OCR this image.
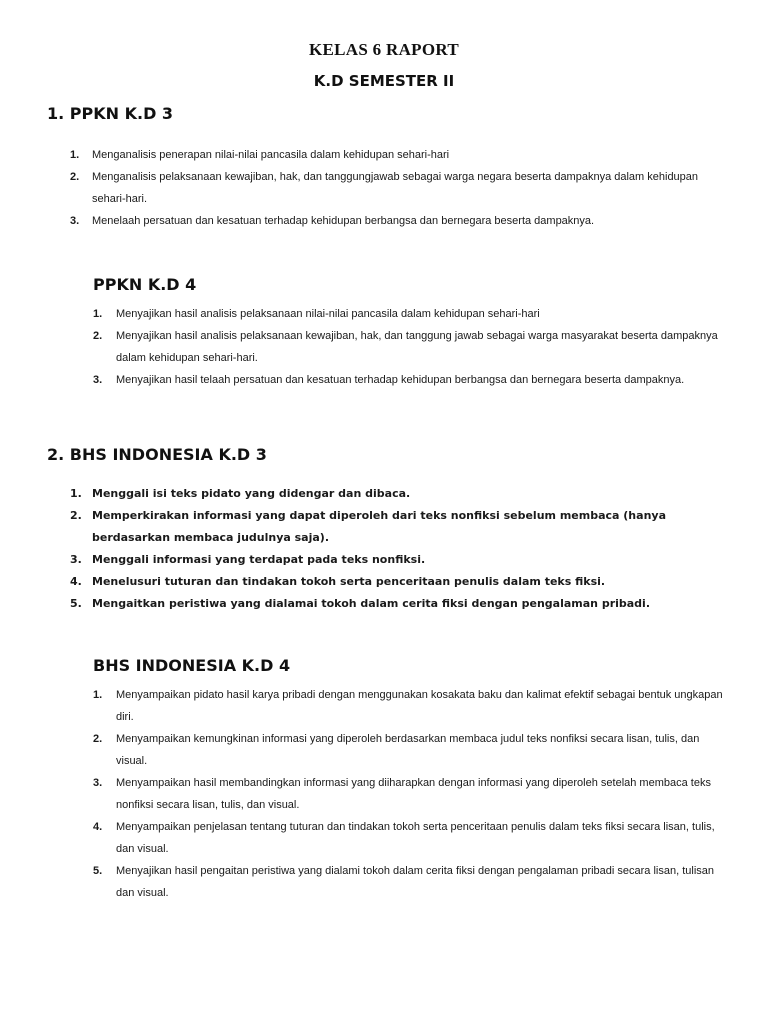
KELAS 6 RAPORT
K.D SEMESTER II
1. PPKN K.D 3
1.	Menganalisis penerapan nilai-nilai pancasila dalam kehidupan sehari-hari
2.	Menganalisis pelaksanaan kewajiban, hak, dan tanggungjawab sebagai warga negara beserta dampaknya dalam kehidupan sehari-hari.
3.	Menelaah persatuan dan kesatuan terhadap kehidupan berbangsa dan bernegara beserta dampaknya.
PPKN K.D 4
1.	Menyajikan hasil analisis pelaksanaan nilai-nilai pancasila dalam kehidupan sehari-hari
2.	Menyajikan hasil analisis pelaksanaan kewajiban, hak, dan tanggung jawab sebagai warga masyarakat beserta dampaknya dalam kehidupan sehari-hari.
3.	Menyajikan hasil telaah persatuan dan kesatuan terhadap kehidupan berbangsa dan bernegara beserta dampaknya.
2. BHS INDONESIA K.D 3
1. Menggali isi teks pidato yang didengar dan dibaca.
2. Memperkirakan informasi yang dapat diperoleh dari teks nonfiksi sebelum membaca (hanya berdasarkan membaca judulnya saja).
3. Menggali informasi yang terdapat pada teks nonfiksi.
4. Menelusuri tuturan dan tindakan tokoh serta penceritaan penulis dalam teks fiksi.
5. Mengaitkan peristiwa yang dialamai tokoh dalam cerita fiksi dengan pengalaman pribadi.
BHS INDONESIA K.D 4
1.	Menyampaikan pidato hasil karya pribadi dengan menggunakan kosakata baku dan kalimat efektif sebagai bentuk ungkapan diri.
2.	Menyampaikan kemungkinan informasi yang diperoleh berdasarkan membaca judul teks nonfiksi secara lisan, tulis, dan visual.
3.	Menyampaikan hasil membandingkan informasi yang diiharapkan dengan informasi yang diperoleh setelah membaca teks nonfiksi secara lisan, tulis, dan visual.
4.	Menyampaikan penjelasan tentang tuturan dan tindakan tokoh serta penceritaan penulis dalam teks fiksi secara lisan, tulis, dan visual.
5.	Menyajikan hasil pengaitan peristiwa yang dialami tokoh dalam cerita fiksi dengan pengalaman pribadi secara lisan, tulisan dan visual.
